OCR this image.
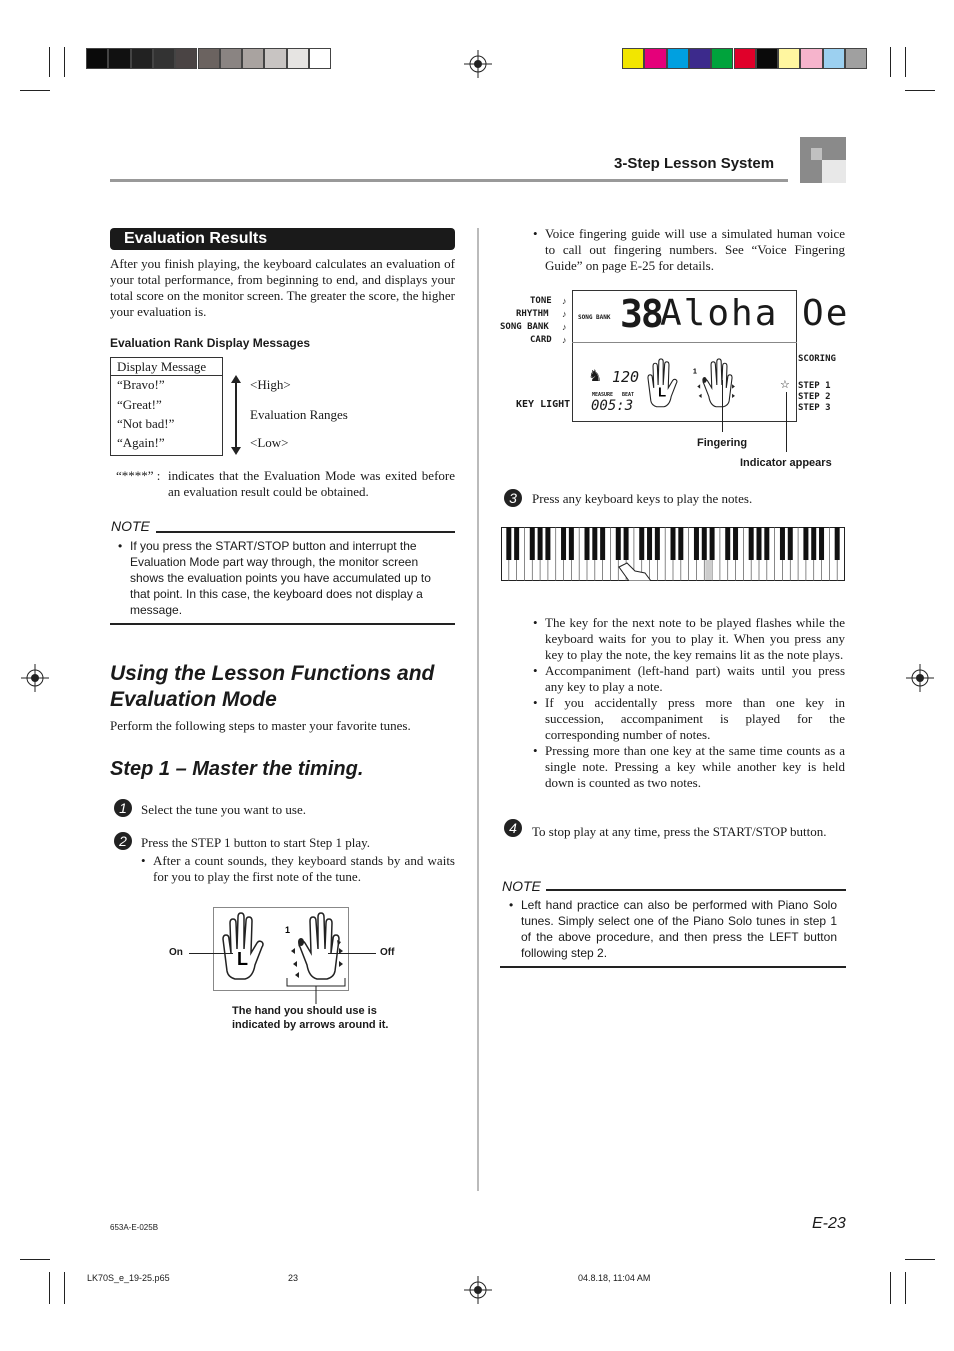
3-Step Lesson System
Evaluation Results
After you finish playing, the keyboard calculates an evaluation of your total performance, from beginning to end, and displays your total score on the monitor screen. The greater the score, the higher your evaluation is.
Evaluation Rank Display Messages
Display Message
“Bravo!”
“Great!”
“Not bad!”
“Again!”
<High>
Evaluation Ranges
<Low>
“****” : indicates that the Evaluation Mode was exited before an evaluation result could be obtained.
NOTE
• If you press the START/STOP button and interrupt the Evaluation Mode part way through, the monitor screen shows the evaluation points you have accumulated up to that point. In this case, the keyboard does not display a message.
Using the Lesson Functions and
Evaluation Mode
Perform the following steps to master your favorite tunes.
Step 1 – Master the timing.
1	Select the tune you want to use.
2	Press the STEP 1 button to start Step 1 play.
• After a count sounds, they keyboard stands by and waits for you to play the first note of the tune.
L
1
On	Off
The hand you should use is
indicated by arrows around it.
• Voice fingering guide will use a simulated human voice to call out fingering numbers. See “Voice Fingering Guide” on page E-25 for details.
TONE
RHYTHM
SONG BANK
CARD
♪
♪
♪
♪
SONG BANK 38
Aloha Oe
♞ 120
MEASURE BEAT
005:3
L
1
☆
KEY LIGHT
SCORING
STEP 1
STEP 2
STEP 3
Fingering
Indicator appears
3	Press any keyboard keys to play the notes.
• The key for the next note to be played flashes while the keyboard waits for you to play it. When you press any key to play the note, the key remains lit as the note plays.
• Accompaniment (left-hand part) waits until you press any key to play a note.
• If you accidentally press more than one key in succession, accompaniment is played for the corresponding number of notes.
• Pressing more than one key at the same time counts as a single note. Pressing a key while another key is held down is counted as two notes.
4	To stop play at any time, press the START/STOP button.
NOTE
• Left hand practice can also be performed with Piano Solo tunes. Simply select one of the Piano Solo tunes in step 1 of the above procedure, and then press the LEFT button following step 2.
653A-E-025B	E-23
LK70S_e_19-25.p65	23	04.8.18, 11:04 AM
